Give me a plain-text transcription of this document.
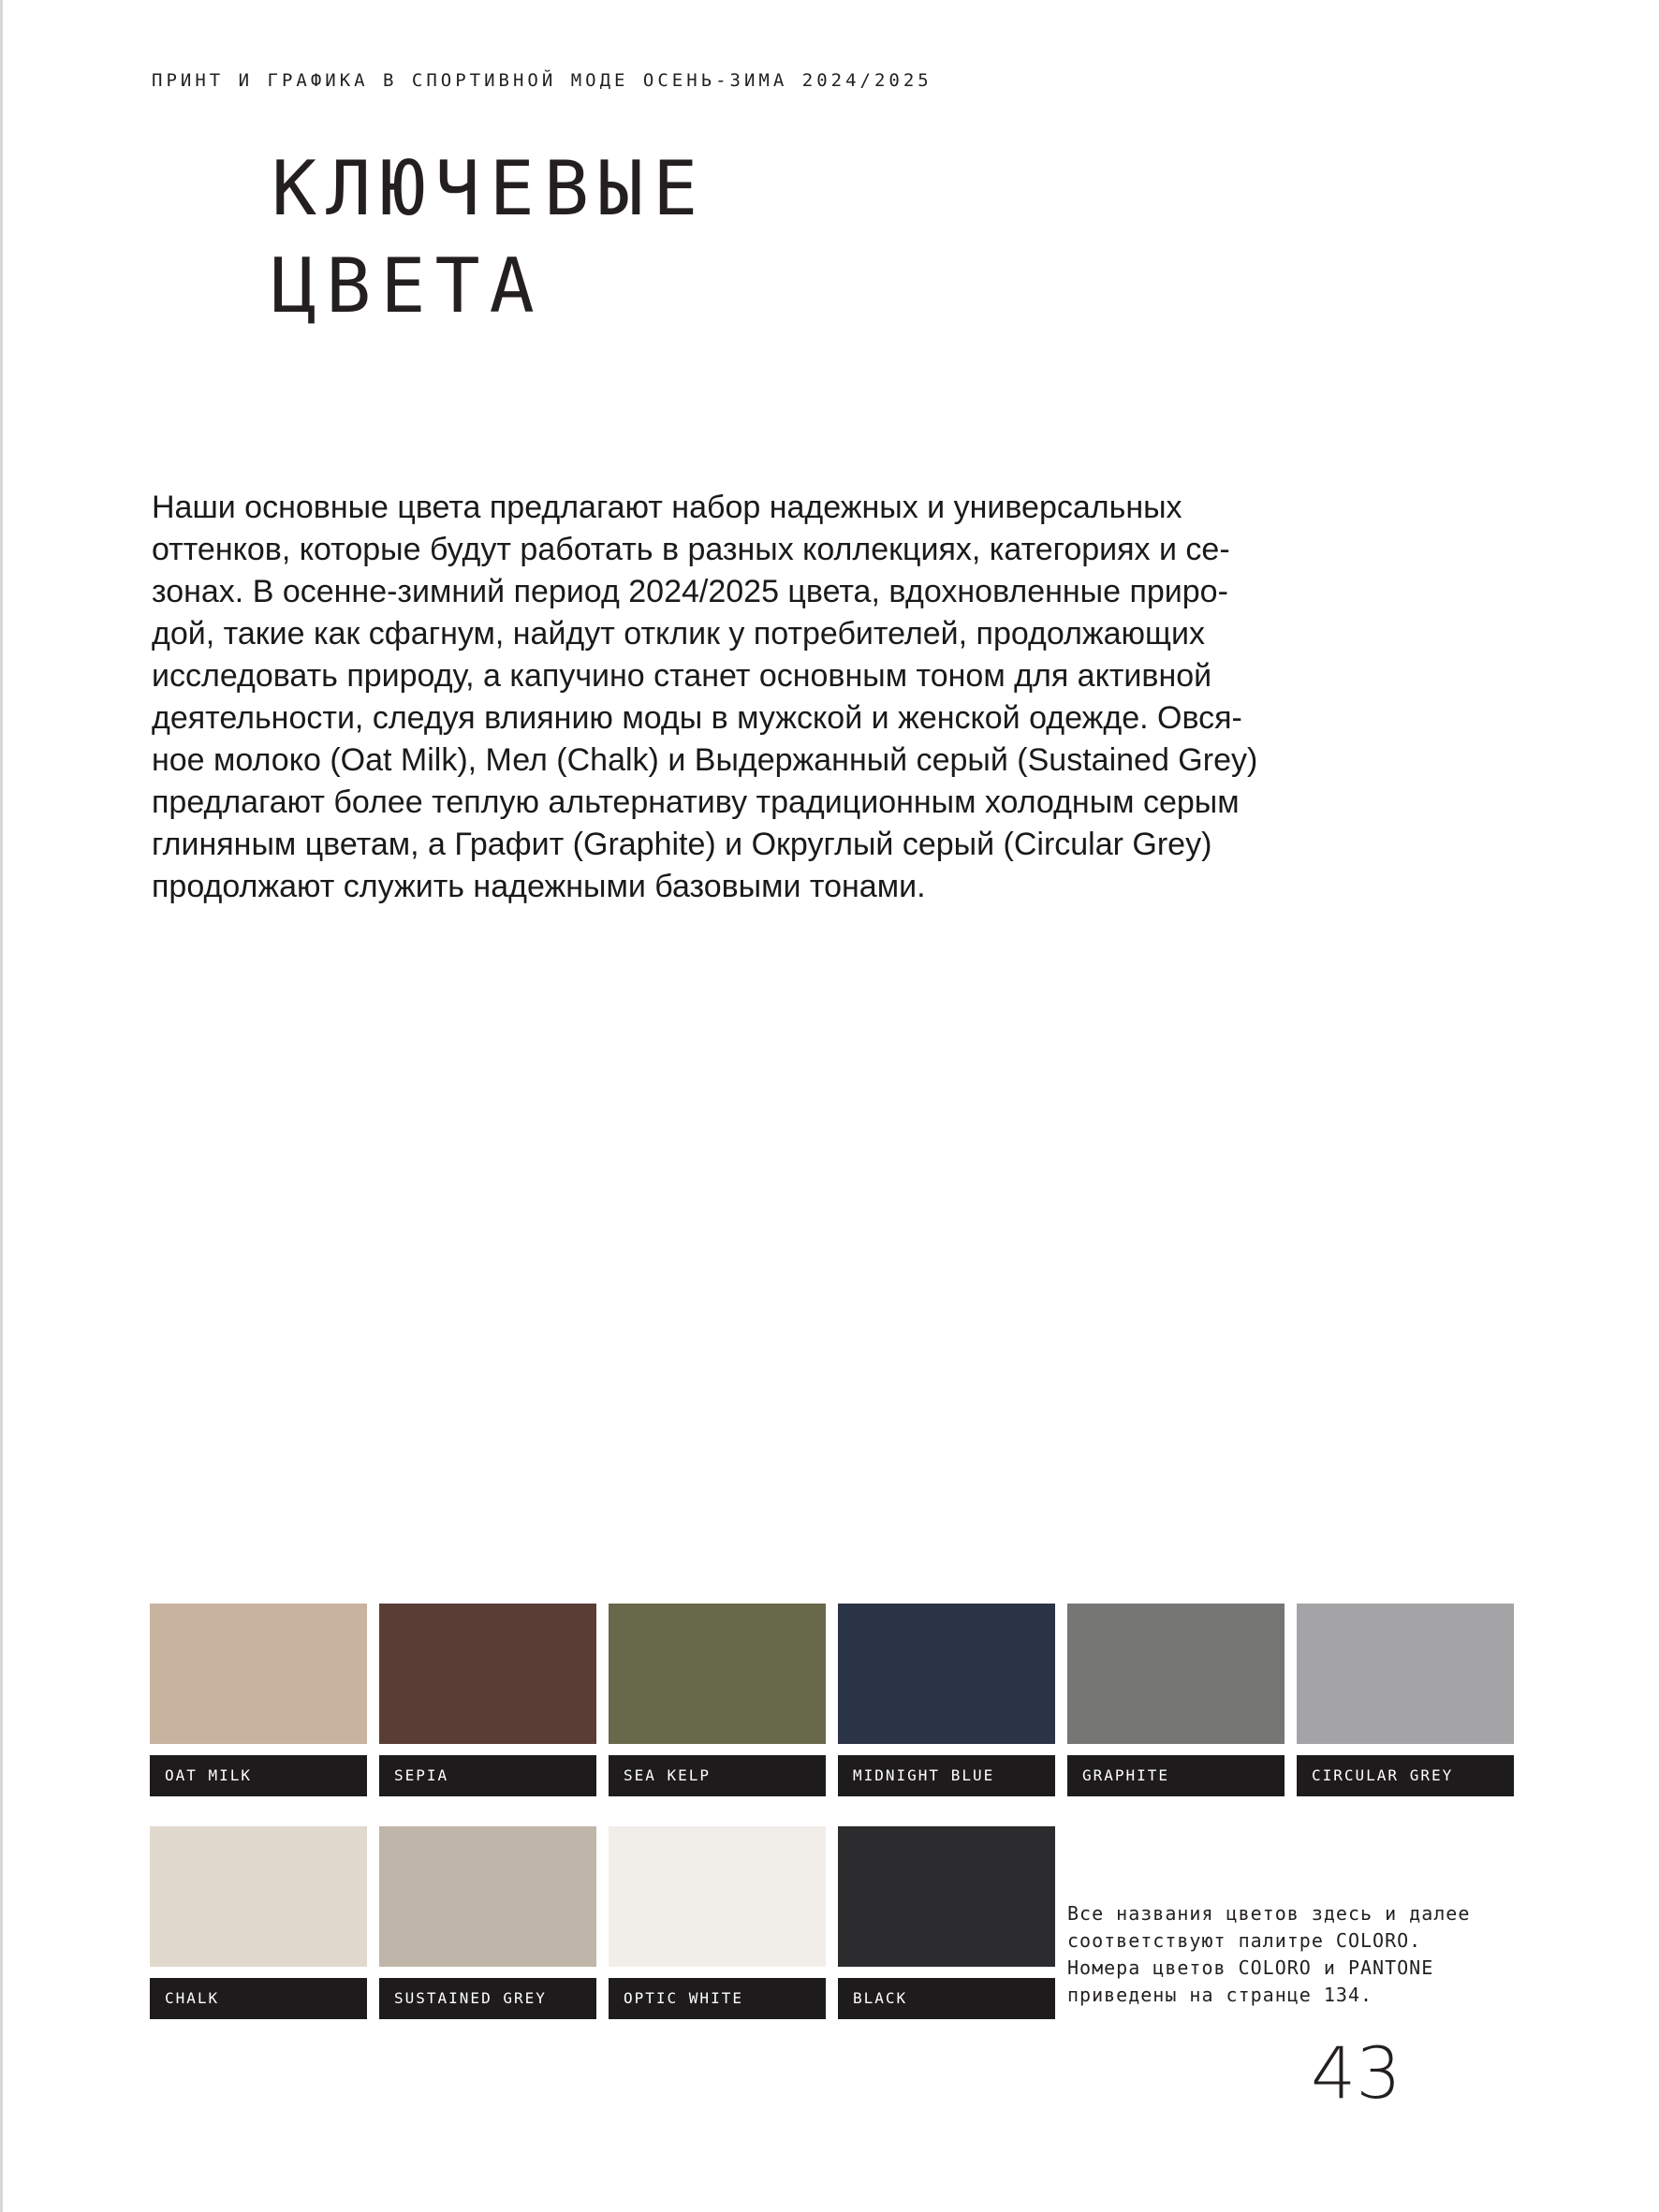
ПРИНТ И ГРАФИКА В СПОРТИВНОЙ МОДЕ ОСЕНЬ-ЗИМА 2024/2025
КЛЮЧЕВЫЕ
ЦВЕТА

Наши основные цвета предлагают набор надежных и универсальных
оттенков, которые будут работать в разных коллекциях, категориях и се-
зонах. В осенне-зимний период 2024/2025 цвета, вдохновленные приро-
дой, такие как сфагнум, найдут отклик у потребителей, продолжающих
исследовать природу, а капучино станет основным тоном для активной
деятельности, следуя влиянию моды в мужской и женской одежде. Овся-
ное молоко (Oat Milk), Мел (Chalk) и Выдержанный серый (Sustained Grey)
предлагают более теплую альтернативу традиционным холодным серым
глиняным цветам, а Графит (Graphite) и Округлый серый (Circular Grey)
продолжают служить надежными базовыми тонами.

OAT MILK	SEPIA	SEA KELP	MIDNIGHT BLUE	GRAPHITE	CIRCULAR GREY
CHALK	SUSTAINED GREY	OPTIC WHITE	BLACK
Все названия цветов здесь и далее
соответствуют палитре COLORO.
Номера цветов COLORO и PANTONE
приведены на странце 134.
43
